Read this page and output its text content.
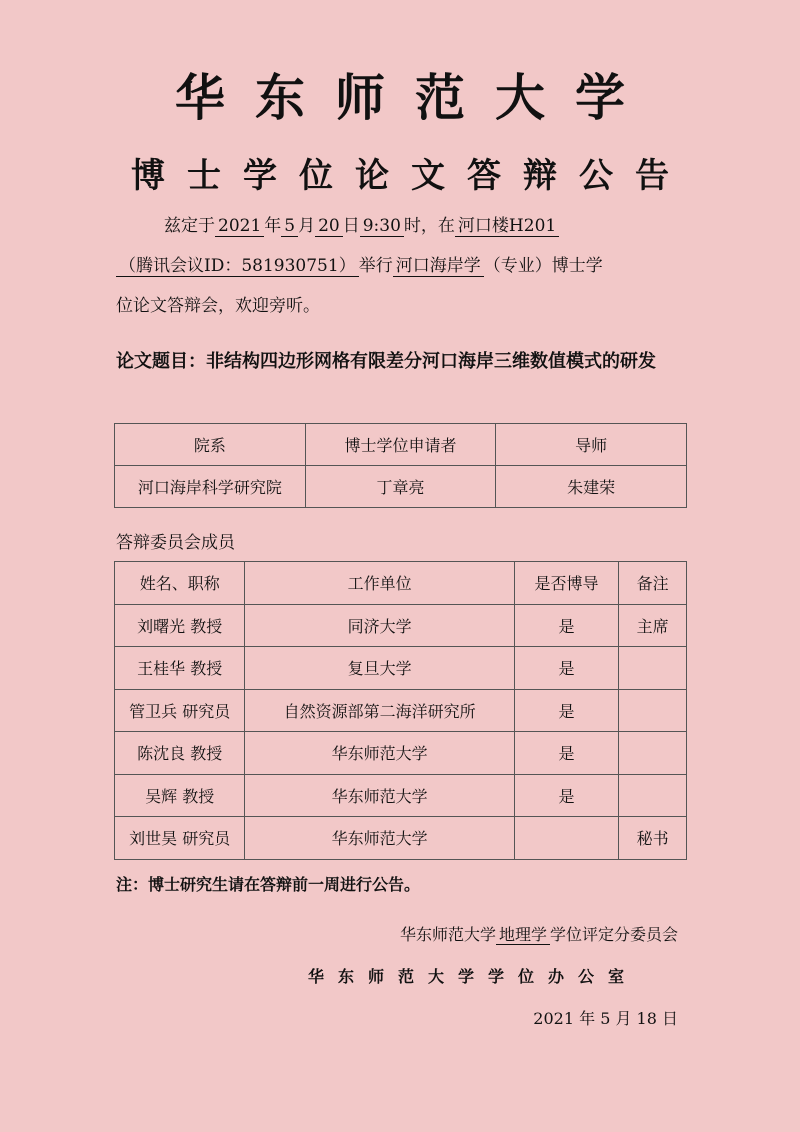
华东师范大学
博士学位论文答辩公告
兹定于 2021 年 5 月 20 日 9:30 时，在 河口楼H201
（腾讯会议ID：581930751） 举行 河口海岸学 （专业）博士学
位论文答辩会，欢迎旁听。
论文题目：非结构四边形网格有限差分河口海岸三维数值模式的研发
院系	博士学位申请者	导师
河口海岸科学研究院	丁章亮	朱建荣
答辩委员会成员
姓名、职称	工作单位	是否博导	备注
刘曙光 教授	同济大学	是	主席
王桂华 教授	复旦大学	是	
管卫兵 研究员	自然资源部第二海洋研究所	是	
陈沈良 教授	华东师范大学	是	
吴辉 教授	华东师范大学	是	
刘世昊 研究员	华东师范大学		秘书
注：博士研究生请在答辩前一周进行公告。
华东师范大学 地理学 学位评定分委员会
华东师范大学学位办公室
2021 年 5 月 18 日
